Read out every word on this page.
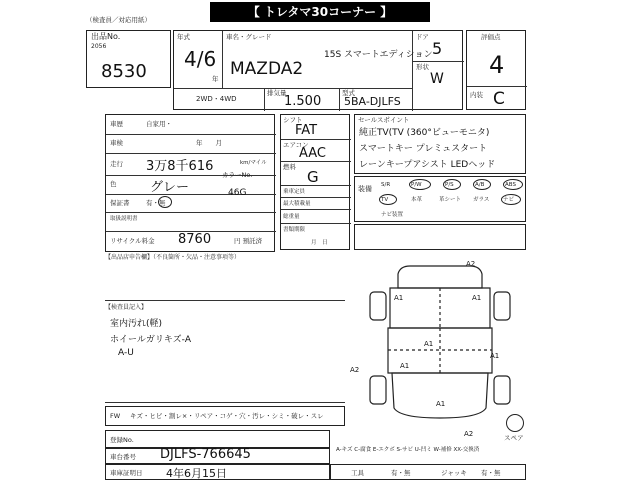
【 トレタマ30コーナー 】
（検査員／対応用紙）
出品No.
2056
8530
年式
4/6
年
車名・グレード
MAZDA2
15S スマートエディション
ドア
5
形状
W
2WD・4WD
排気量
1.500
型式
5BA-DJLFS
評価点
4
内装 C
車歴	自家用・
車検	年　　月
走行 3万8千616	km/マイル
色	グレー
保証書	有・無
取扱説明書
リサイクル料金 8760	円 預託済
カラーNo.
46G
シフト
FAT
エアコン
AAC
燃料
G
乗車定員
最大積載量
総重量
書類期限
月　日
セールスポイント
純正TV(TV (360°ビューモニタ)
スマートキー プレミュスタート
レーンキープアシスト LEDヘッド
装備 S/R	P/W	P/S	A/B	ABS
TV	本革	革シート ガラス ナビ
ナビ装置
【出品店申告欄】（不良箇所・欠品・注意事項等）
【検査員記入】
室内汚れ(軽)
ホイールガリキズ-A
A-U
A2
A1	A1
A1
A1
A1
A2
A1
A2	スペア
A-キズ C-腐食 E-エクボ S-サビ U-凹ミ W-補修 XX-交換済
FW キズ・ヒビ・割レ×・リペア・コゲ・穴・汚レ・シミ・破レ・スレ
登録No.
車台番号 DJLFS-766645
車庫証明日 4年6月15日	工具	有・無	ジャッキ 有・無
